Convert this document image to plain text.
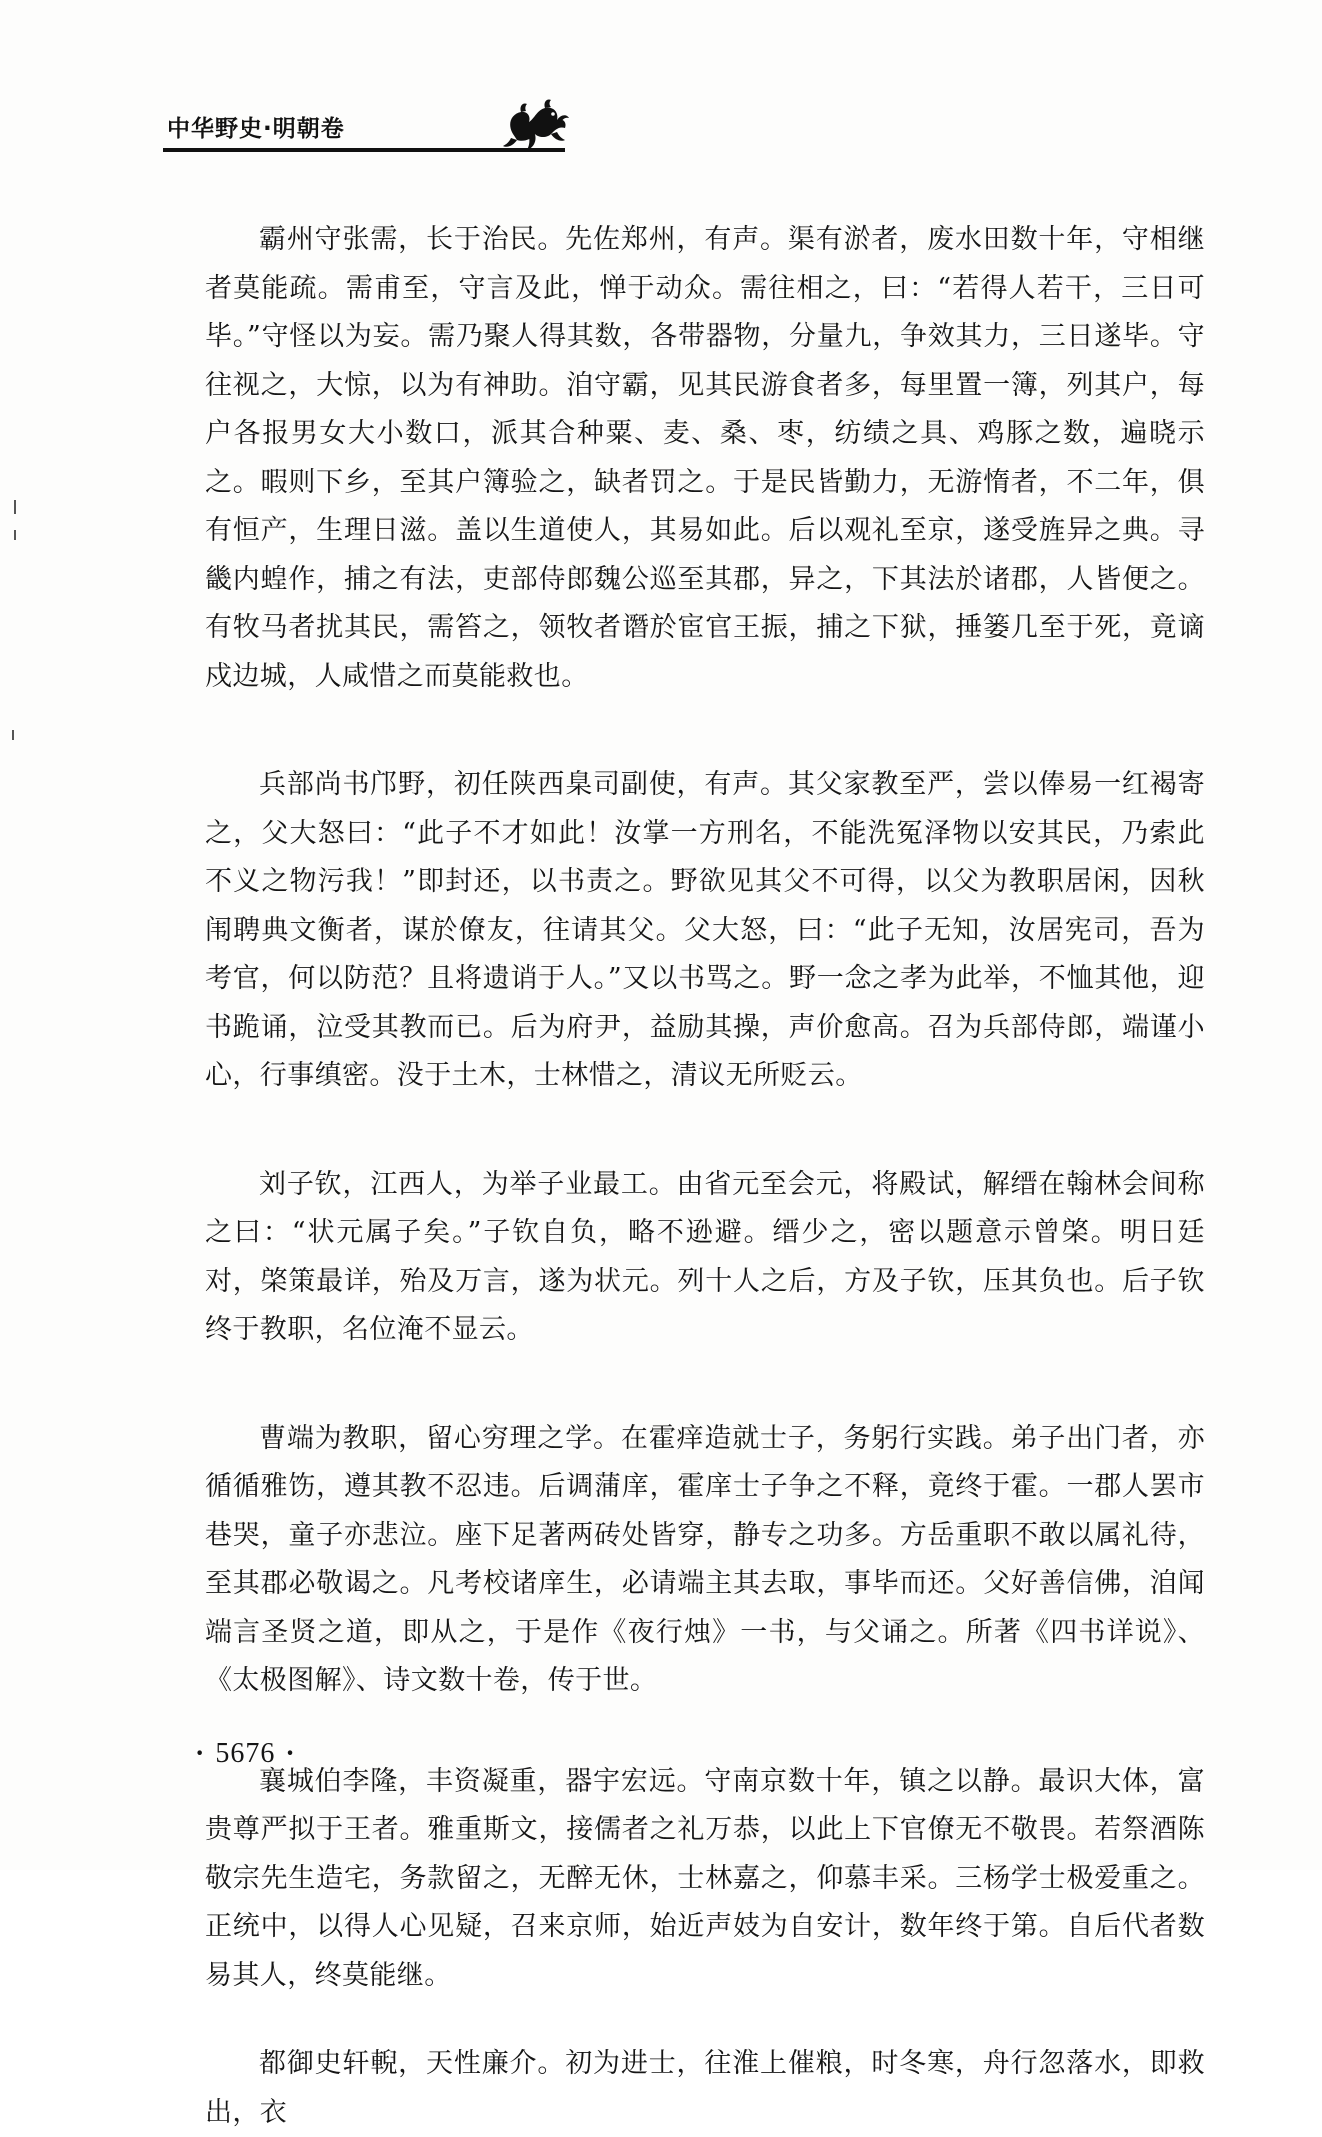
中华野史·明朝卷

霸州守张需，长于治民。先佐郑州，有声。渠有淤者，废水田数十年，守相继者莫能疏。需甫至，守言及此，惮于动众。需往相之，曰：“若得人若干，三日可毕。”守怪以为妄。需乃聚人得其数，各带器物，分量九，争效其力，三日遂毕。守往视之，大惊，以为有神助。洎守霸，见其民游食者多，每里置一簿，列其户，每户各报男女大小数口，派其合种粟、麦、桑、枣，纺绩之具、鸡豚之数，遍晓示之。暇则下乡，至其户簿验之，缺者罚之。于是民皆勤力，无游惰者，不二年，俱有恒产，生理日滋。盖以生道使人，其易如此。后以观礼至京，遂受旌异之典。寻畿内蝗作，捕之有法，吏部侍郎魏公巡至其郡，异之，下其法於诸郡，人皆便之。有牧马者扰其民，需笞之，领牧者谮於宦官王振，捕之下狱，捶篓几至于死，竟谪戍边城，人咸惜之而莫能救也。

兵部尚书邝野，初任陕西臬司副使，有声。其父家教至严，尝以俸易一红褐寄之，父大怒曰：“此子不才如此！汝掌一方刑名，不能洗冤泽物以安其民，乃索此不义之物污我！”即封还，以书责之。野欲见其父不可得，以父为教职居闲，因秋闱聘典文衡者，谋於僚友，往请其父。父大怒，曰：“此子无知，汝居宪司，吾为考官，何以防范？且将遗诮于人。”又以书骂之。野一念之孝为此举，不恤其他，迎书跪诵，泣受其教而已。后为府尹，益励其操，声价愈高。召为兵部侍郎，端谨小心，行事缜密。没于土木，士林惜之，清议无所贬云。

刘子钦，江西人，为举子业最工。由省元至会元，将殿试，解缙在翰林会间称之曰：“状元属子矣。”子钦自负，略不逊避。缙少之，密以题意示曾棨。明日廷对，棨策最详，殆及万言，遂为状元。列十人之后，方及子钦，压其负也。后子钦终于教职，名位淹不显云。

曹端为教职，留心穷理之学。在霍痒造就士子，务躬行实践。弟子出门者，亦循循雅饬，遵其教不忍违。后调蒲庠，霍庠士子争之不释，竟终于霍。一郡人罢市巷哭，童子亦悲泣。座下足著两砖处皆穿，静专之功多。方岳重职不敢以属礼待，至其郡必敬谒之。凡考校诸庠生，必请端主其去取，事毕而还。父好善信佛，洎闻端言圣贤之道，即从之，于是作《夜行烛》一书，与父诵之。所著《四书详说》、《太极图解》、诗文数十卷，传于世。

襄城伯李隆，丰资凝重，器宇宏远。守南京数十年，镇之以静。最识大体，富贵尊严拟于王者。雅重斯文，接儒者之礼万恭，以此上下官僚无不敬畏。若祭酒陈敬宗先生造宅，务款留之，无醉无休，士林嘉之，仰慕丰采。三杨学士极爱重之。正统中，以得人心见疑，召来京师，始近声妓为自安计，数年终于第。自后代者数易其人，终莫能继。

都御史轩輗，天性廉介。初为进士，往淮上催粮，时冬寒，舟行忽落水，即救出，衣

· 5676 ·
